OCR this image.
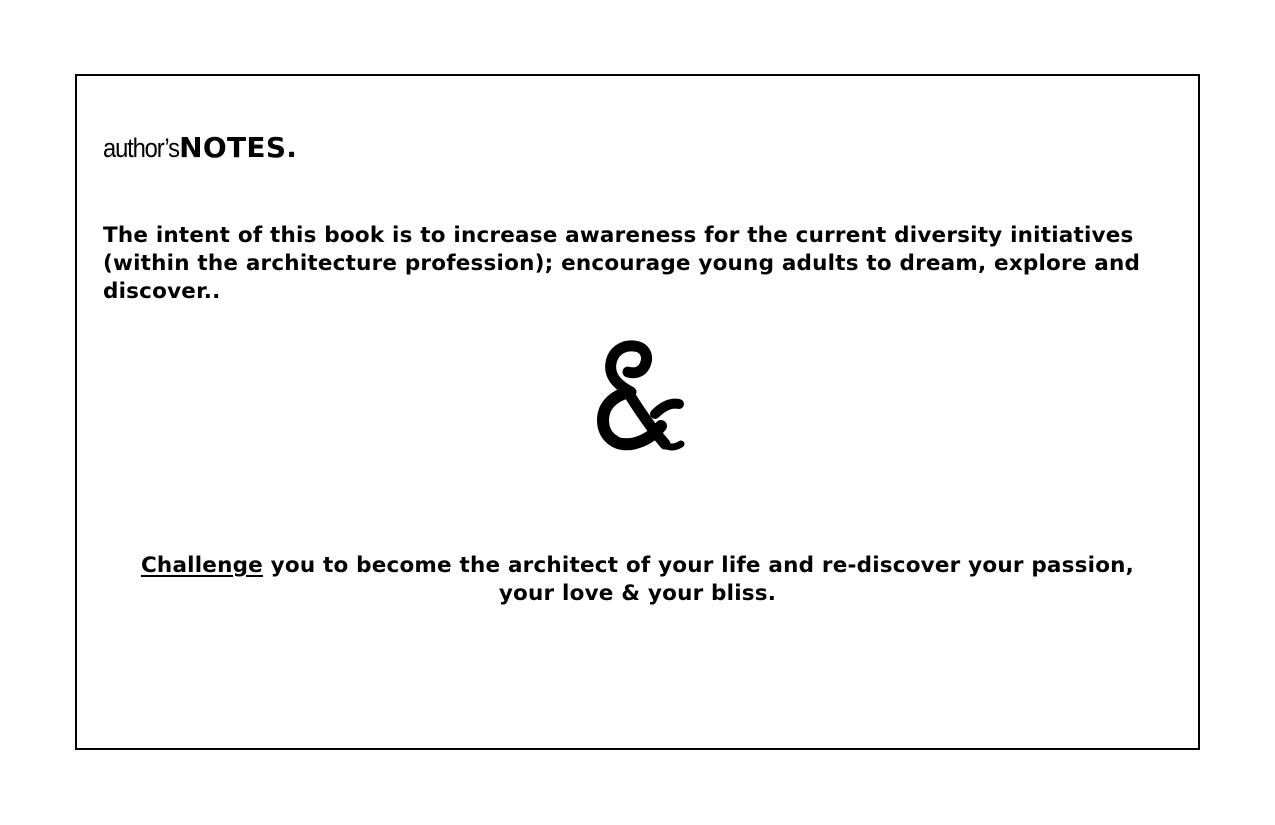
author’sNOTES.

The intent of this book is to increase awareness for the current diversity initiatives (within the architecture profession); encourage young adults to dream, explore and discover..

Challenge you to become the architect of your life and re-discover your passion,
your love & your bliss.
